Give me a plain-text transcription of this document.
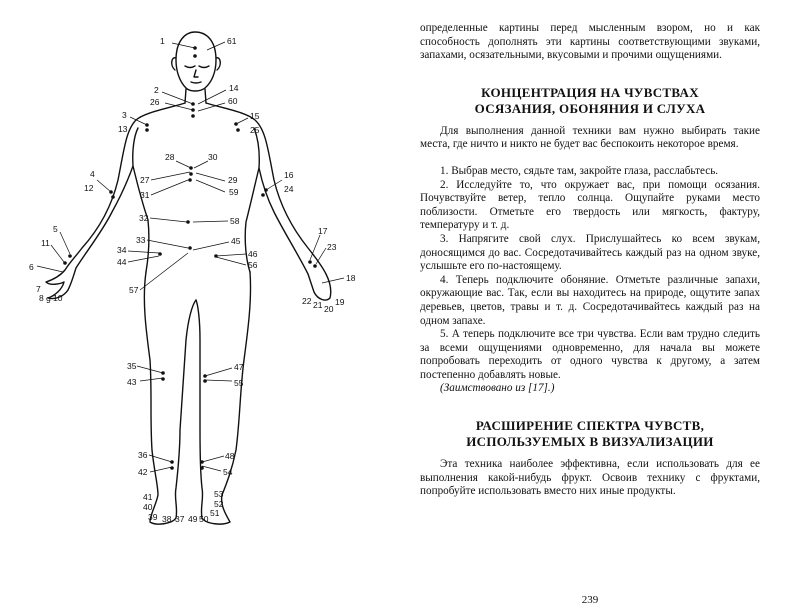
1	61
2	14
26	60
3
13
15
25
28	30
27	29
31	59
4
12
16
24
32	58
33	45
34
44
46
56
57
5
11
6
7
8 9 10
17
23
18
22 21 20
19
35
43
47
55
36
42
48
54
41
40
39 38 37 49 50
51
52
53

определенные картины перед мысленным взором, но и как способность дополнять эти картины соответствующими звуками, запахами, осязательными, вкусовыми и прочими ощущениями.

КОНЦЕНТРАЦИЯ НА ЧУВСТВАХ
ОСЯЗАНИЯ, ОБОНЯНИЯ И СЛУХА

Для выполнения данной техники вам нужно выбирать такие места, где ничто и никто не будет вас беспокоить некоторое время.

1. Выбрав место, сядьте там, закройте глаза, расслабьтесь.

2. Исследуйте то, что окружает вас, при помощи осязания. Почувствуйте ветер, тепло солнца. Ощупайте руками место поблизости. Отметьте его твердость или мягкость, фактуру, температуру и т. д.

3. Напрягите свой слух. Прислушайтесь ко всем звукам, доносящимся до вас. Сосредотачивайтесь каждый раз на одном звуке, услышьте его по-настоящему.

4. Теперь подключите обоняние. Отметьте различные запахи, окружающие вас. Так, если вы находитесь на природе, ощутите запах деревьев, цветов, травы и т. д. Сосредотачивайтесь каждый раз на одном запахе.

5. А теперь подключите все три чувства. Если вам трудно следить за всеми ощущениями одновременно, для начала вы можете попробовать переходить от одного чувства к другому, а затем постепенно добавлять новые.

(Заимствовано из [17].)

РАСШИРЕНИЕ СПЕКТРА ЧУВСТВ,
ИСПОЛЬЗУЕМЫХ В ВИЗУАЛИЗАЦИИ

Эта техника наиболее эффективна, если использовать для ее выполнения какой-нибудь фрукт. Освоив технику с фруктами, попробуйте использовать вместо них иные продукты.

239
